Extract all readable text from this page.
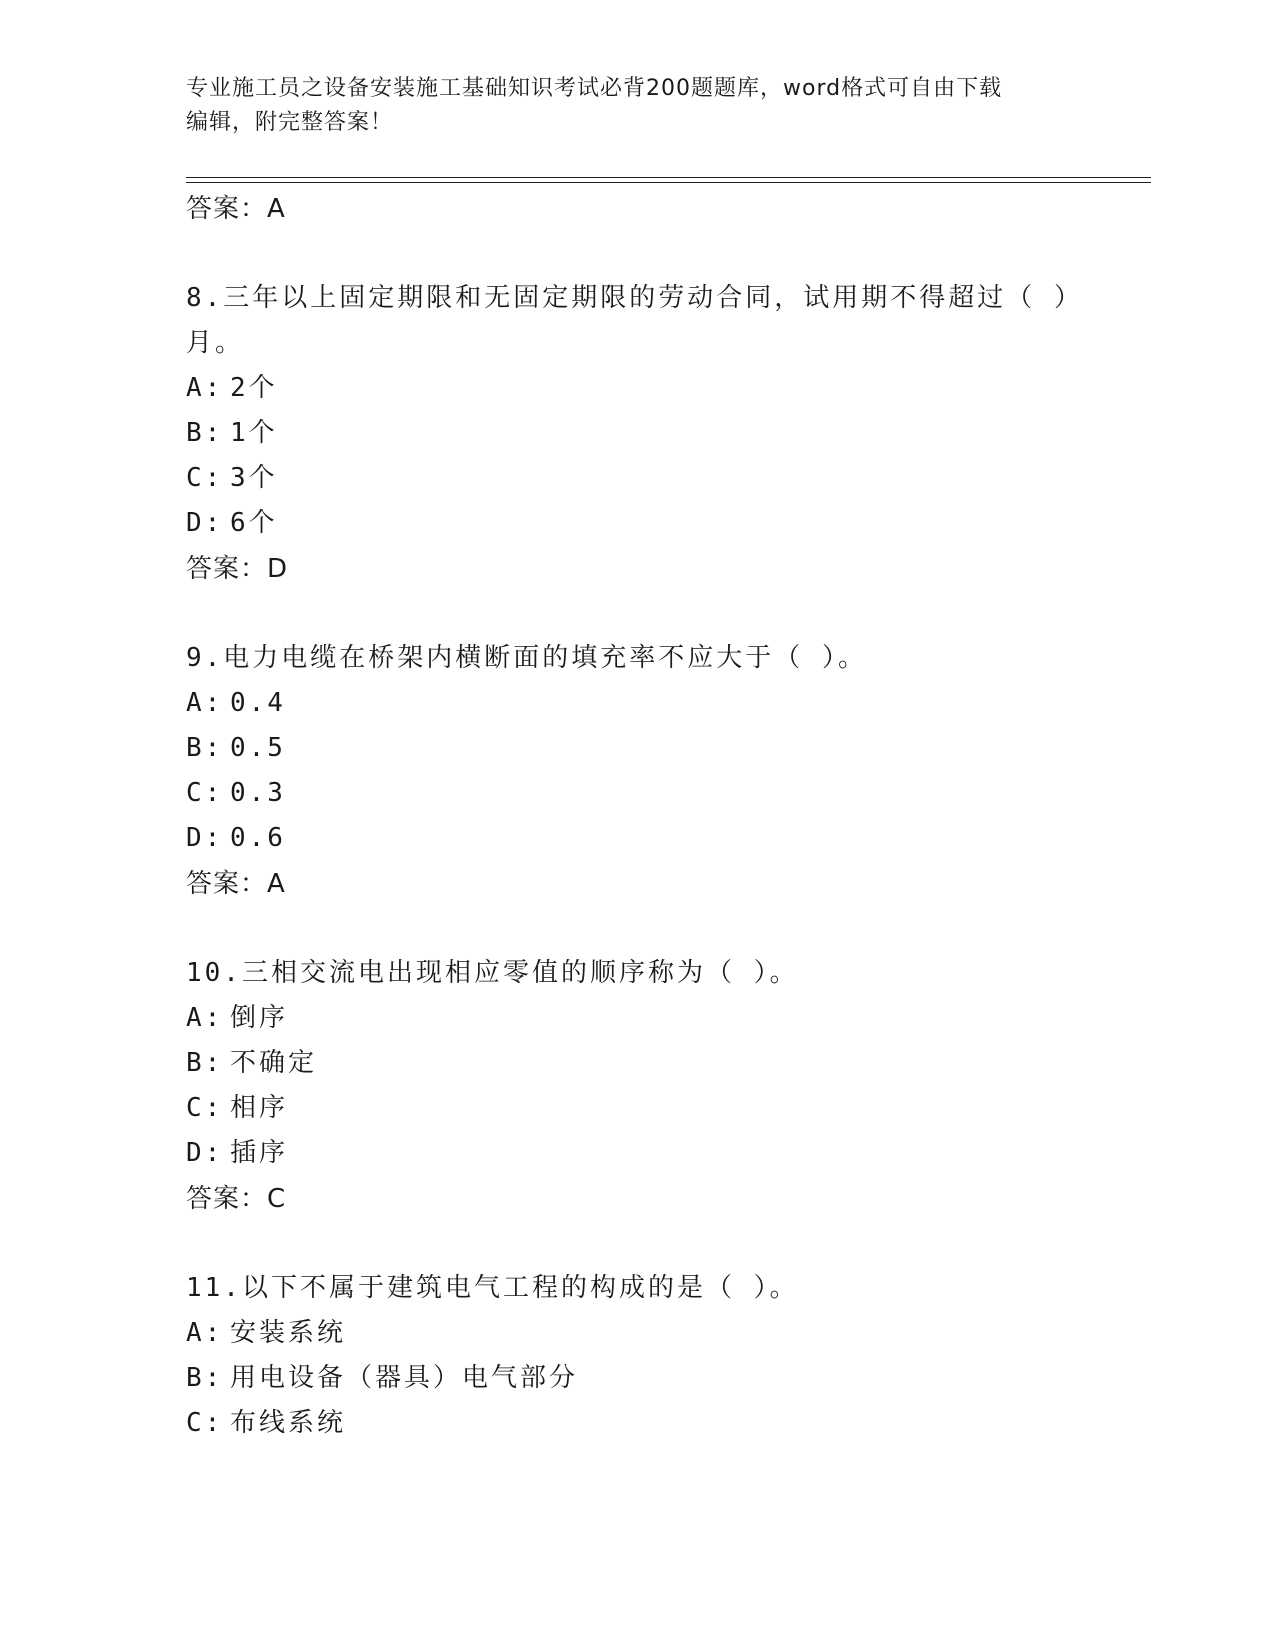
专业施工员之设备安装施工基础知识考试必背200题题库，word格式可自由下载
编辑，附完整答案！
答案：A
8.三年以上固定期限和无固定期限的劳动合同，试用期不得超过（ ）月。
A: 2个
B: 1个
C: 3个
D: 6个
答案：D
9.电力电缆在桥架内横断面的填充率不应大于（ ）。
A: 0.4
B: 0.5
C: 0.3
D: 0.6
答案：A
10.三相交流电出现相应零值的顺序称为（ ）。
A: 倒序
B: 不确定
C: 相序
D: 插序
答案：C
11.以下不属于建筑电气工程的构成的是（ ）。
A: 安装系统
B: 用电设备（器具）电气部分
C: 布线系统
